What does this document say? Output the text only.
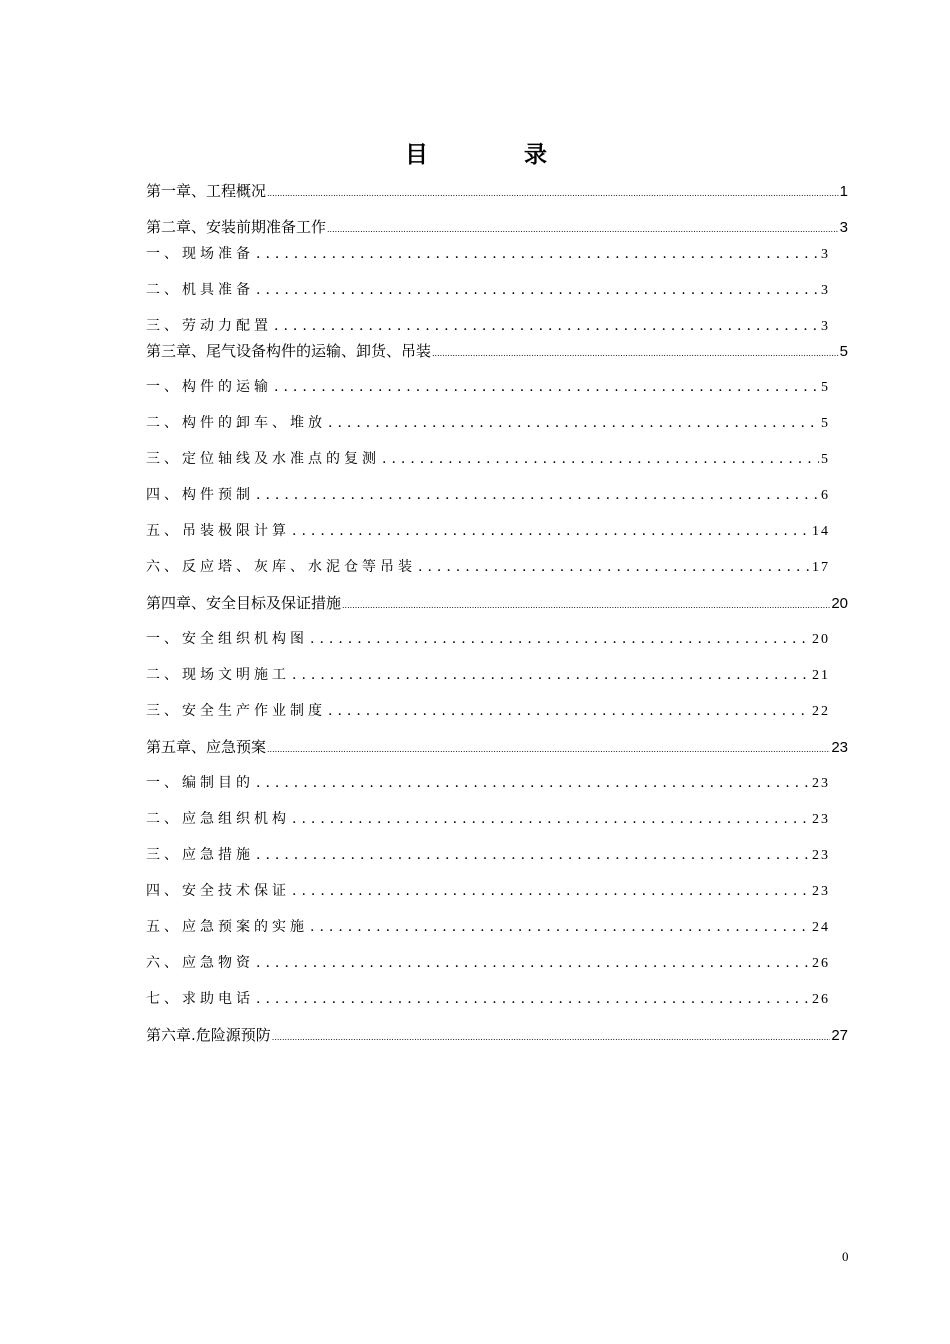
目 录
第一章、工程概况 .....	1
第二章、安装前期准备工作 .....	3
一、现场准备 .....	3
二、机具准备 .....	3
三、劳动力配置 .....	3
第三章、尾气设备构件的运输、卸货、吊装 .....	5
一、构件的运输 .....	5
二、构件的卸车、堆放 .....	5
三、定位轴线及水准点的复测 .....	5
四、构件预制 .....	6
五、吊装极限计算 .....	14
六、反应塔、灰库、水泥仓等吊装 .....	17
第四章、安全目标及保证措施 .....	20
一、安全组织机构图 .....	20
二、现场文明施工 .....	21
三、安全生产作业制度 .....	22
第五章、应急预案 .....	23
一、编制目的 .....	23
二、应急组织机构 .....	23
三、应急措施 .....	23
四、安全技术保证 .....	23
五、应急预案的实施 .....	24
六、应急物资 .....	26
七、求助电话 .....	26
第六章.危险源预防 .....	27
0
